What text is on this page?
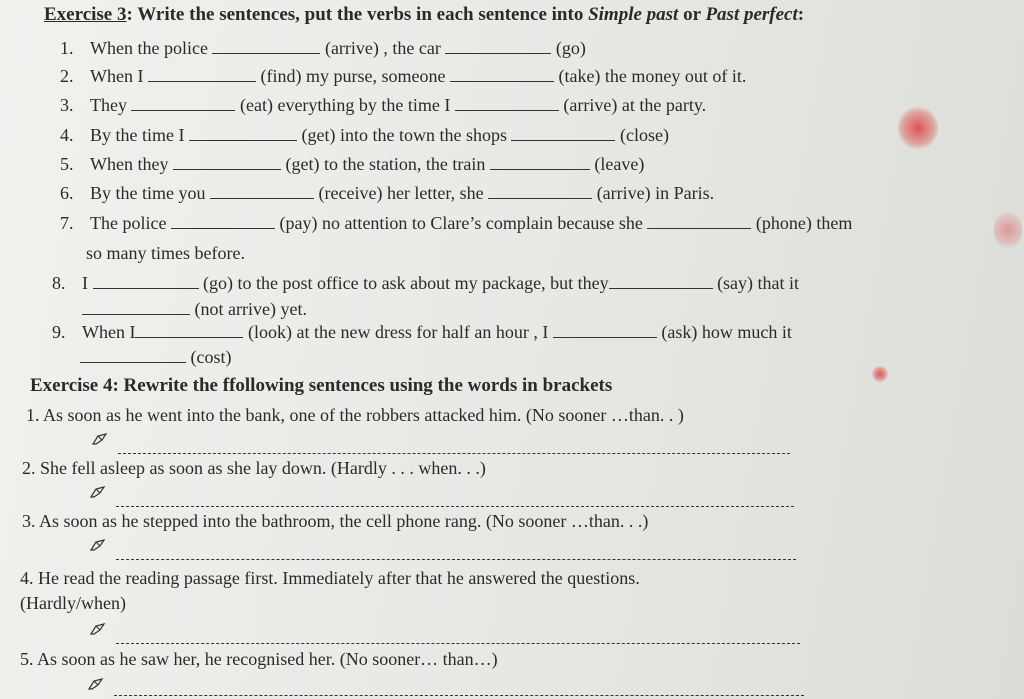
Exercise 3: Write the sentences, put the verbs in each sentence into Simple past or Past perfect:
1. When the police	(arrive) , the car	(go)
2. When I	(find) my purse, someone	(take) the money out of it.
3. They	(eat) everything by the time I	(arrive) at the party.
4. By the time I	(get) into the town the shops	(close)
5. When they	(get) to the station, the train	(leave)
6. By the time you	(receive) her letter, she	(arrive) in Paris.
7. The police	(pay) no attention to Clare’s complain because she	(phone) them
so many times before.
8. I	(go) to the post office to ask about my package, but they	(say) that it
(not arrive) yet.
9. When I	(look) at the new dress for half an hour , I	(ask) how much it
(cost)
Exercise 4: Rewrite the ffollowing sentences using the words in brackets
1. As soon as he went into the bank, one of the robbers attacked him. (No sooner …than. . )
2. She fell asleep as soon as she lay down. (Hardly . . . when. . .)
3. As soon as he stepped into the bathroom, the cell phone rang. (No sooner …than. . .)
4. He read the reading passage first. Immediately after that he answered the questions.
(Hardly/when)
5. As soon as he saw her, he recognised her. (No sooner… than…)
